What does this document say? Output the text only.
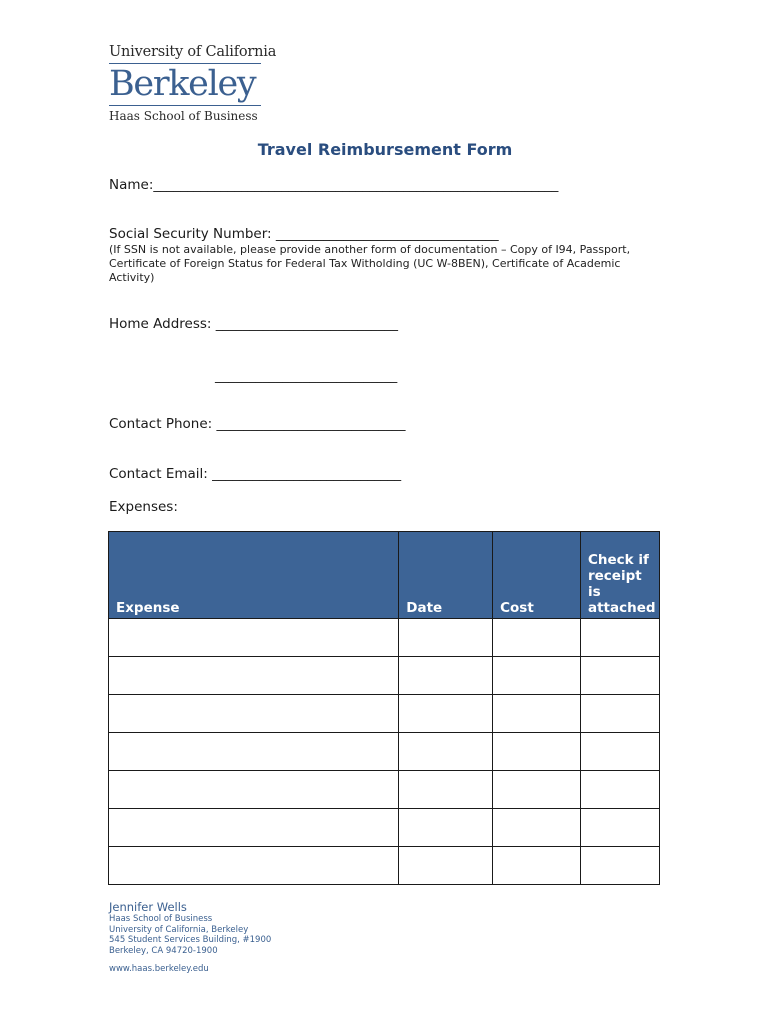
University of California
Berkeley
Haas School of Business
Travel Reimbursement Form
Name:____________________________________________________________
Social Security Number: _________________________________
(If SSN is not available, please provide another form of documentation – Copy of I94, Passport, Certificate of Foreign Status for Federal Tax Witholding (UC W-8BEN), Certificate of Academic Activity)
Home Address: ___________________________
___________________________
Contact Phone: ____________________________
Contact Email: ____________________________
Expenses:
Expense	Date	Cost	Check if receipt is attached

Jennifer Wells
Haas School of Business
University of California, Berkeley
545 Student Services Building, #1900
Berkeley, CA 94720-1900
www.haas.berkeley.edu
